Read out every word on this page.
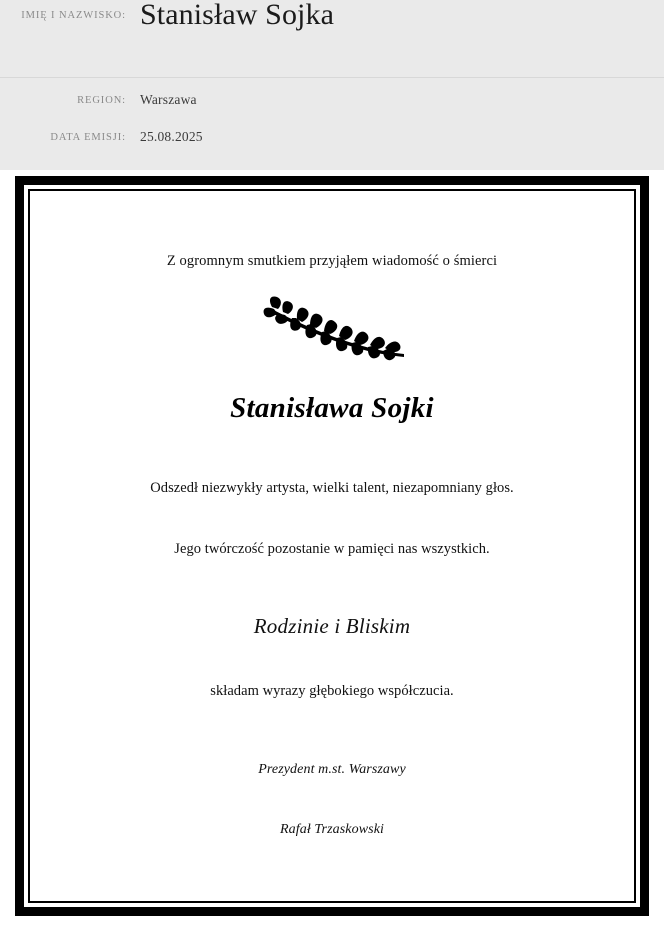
IMIĘ I NAZWISKO: Stanisław Sojka
REGION:	Warszawa
DATA EMISJI:	25.08.2025

Z ogromnym smutkiem przyjąłem wiadomość o śmierci

Stanisława Sojki

Odszedł niezwykły artysta, wielki talent, niezapomniany głos.

Jego twórczość pozostanie w pamięci nas wszystkich.

Rodzinie i Bliskim

składam wyrazy głębokiego współczucia.

Prezydent m.st. Warszawy

Rafał Trzaskowski
